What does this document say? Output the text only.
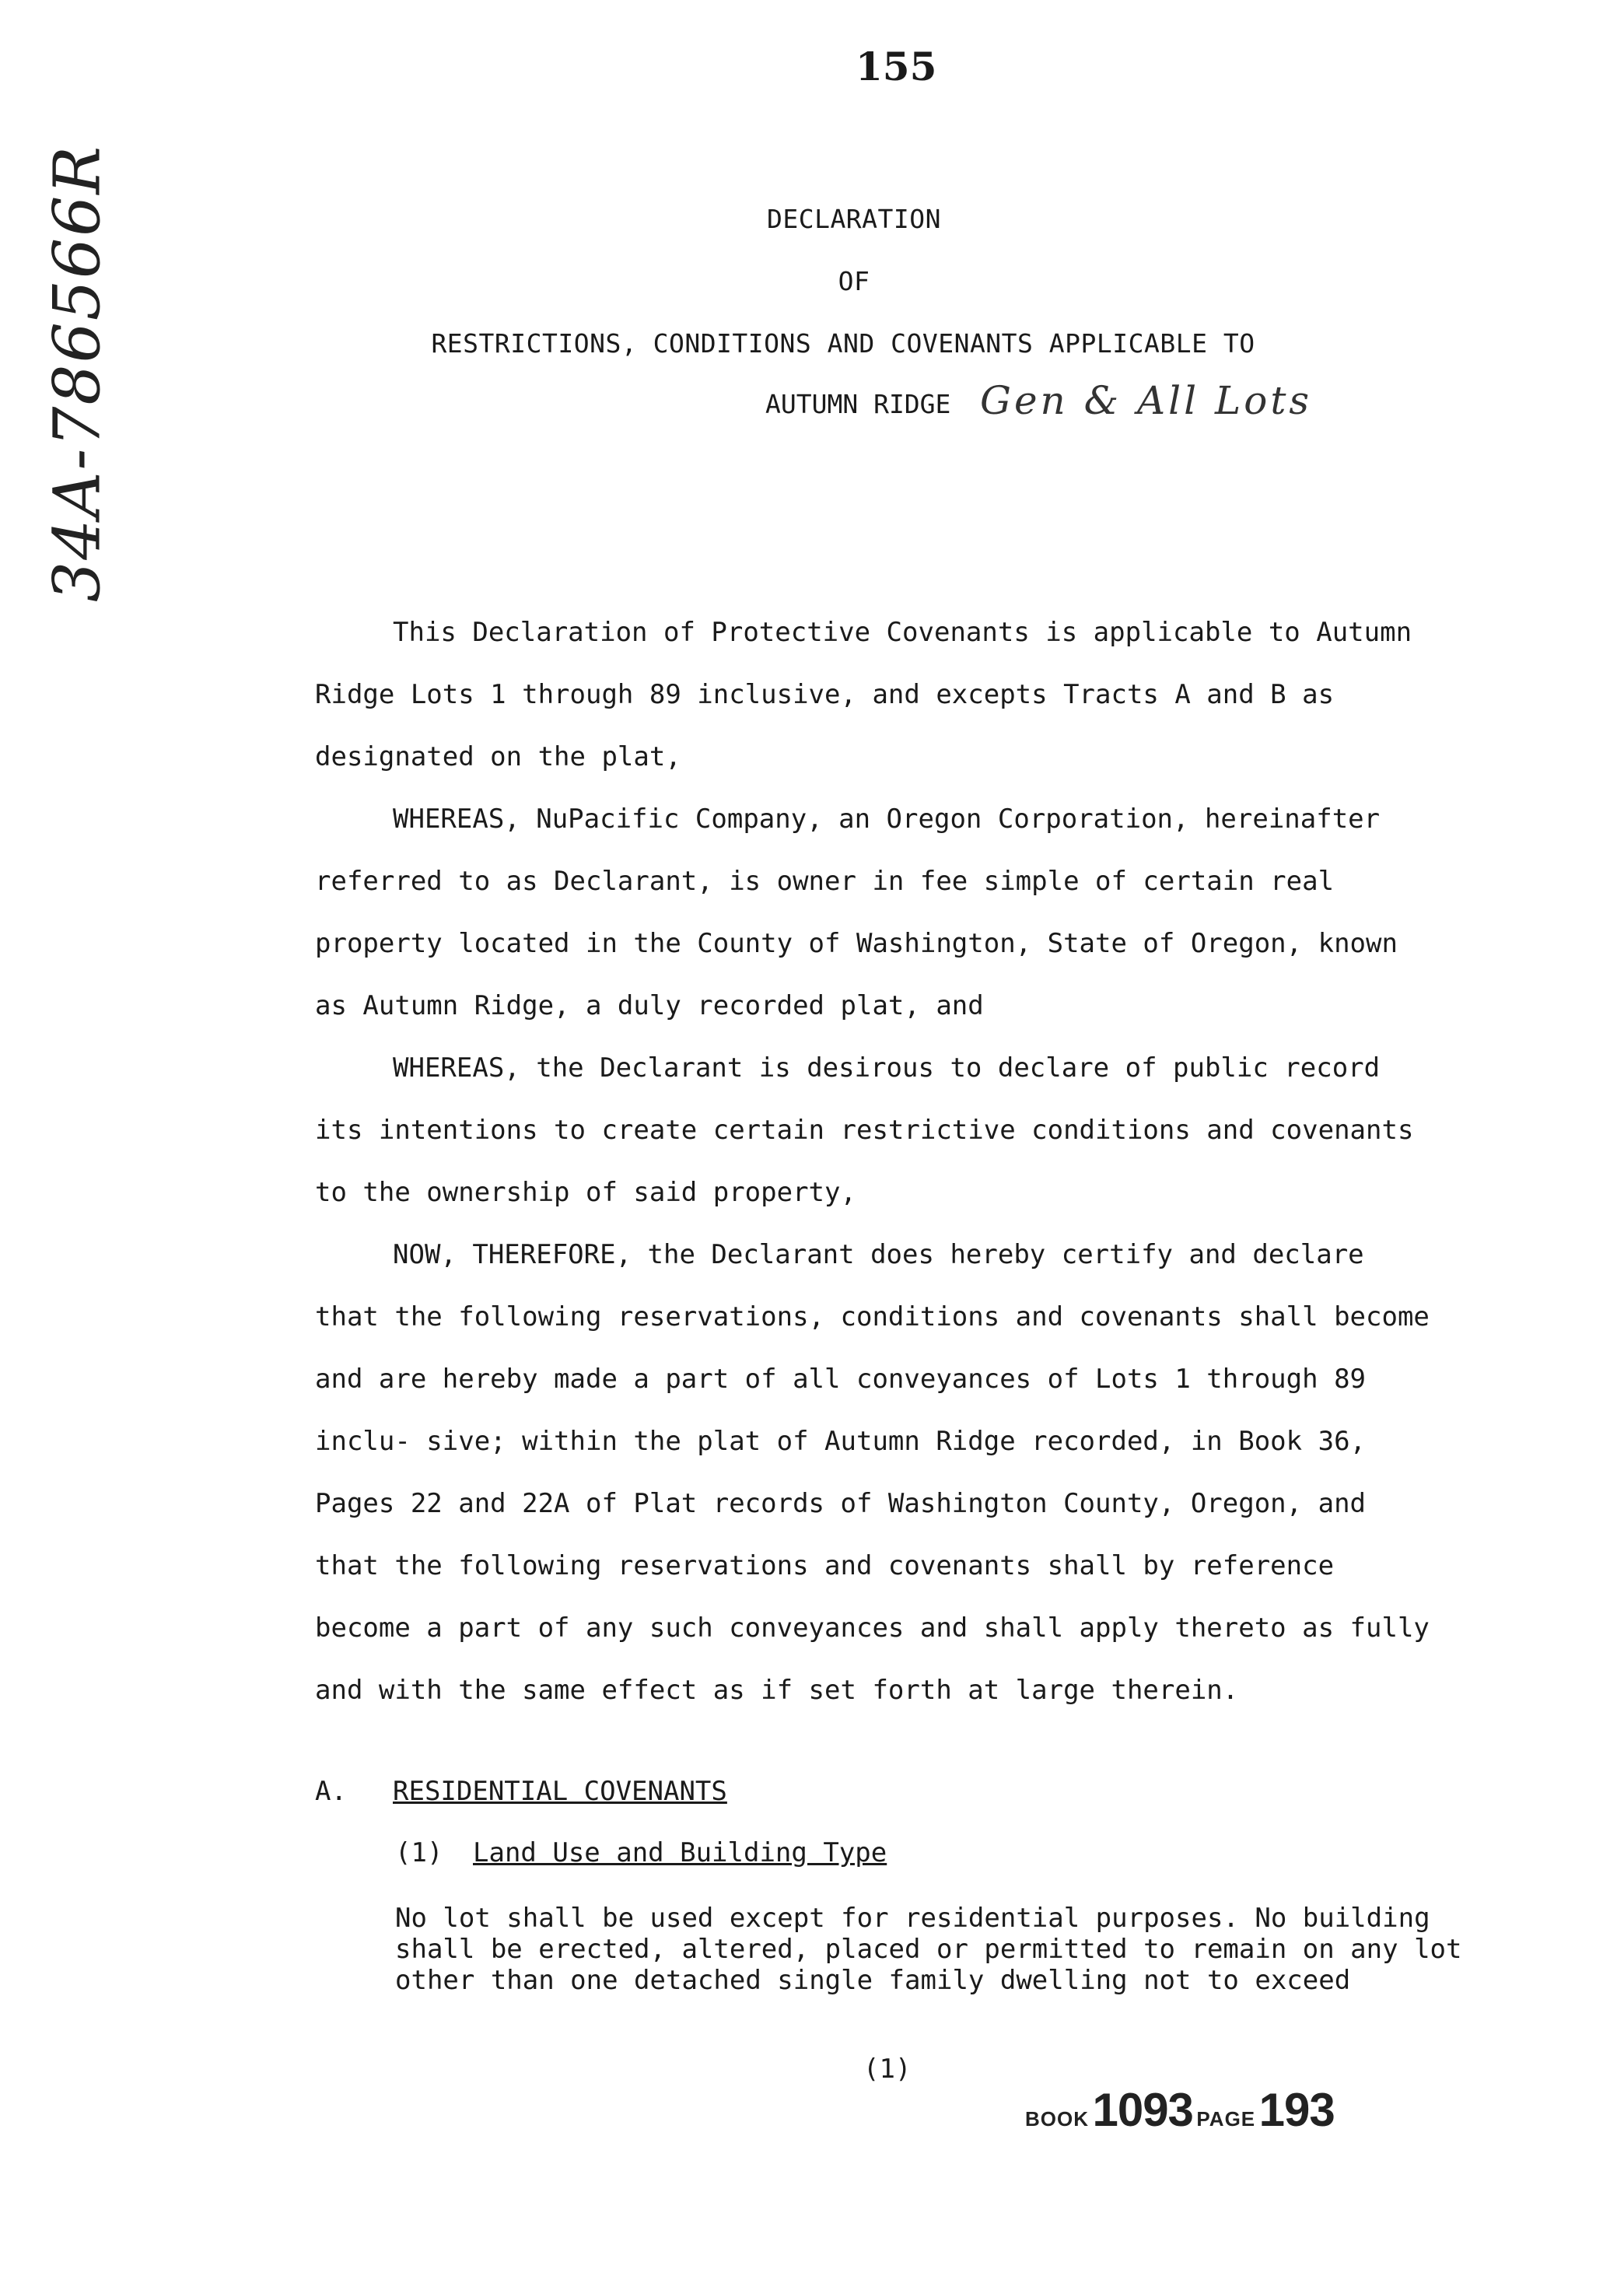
155
34A-786566R	DECLARATION
OF
RESTRICTIONS, CONDITIONS AND COVENANTS APPLICABLE TO
AUTUMN RIDGE Gen & All Lots

This Declaration of Protective Covenants is applicable to Autumn Ridge Lots 1 through 89 inclusive, and excepts Tracts A and B as designated on the plat,

WHEREAS, NuPacific Company, an Oregon Corporation, hereinafter referred to as Declarant, is owner in fee simple of certain real property located in the County of Washington, State of Oregon, known as Autumn Ridge, a duly recorded plat, and

WHEREAS, the Declarant is desirous to declare of public record its intentions to create certain restrictive conditions and covenants to the ownership of said property,

NOW, THEREFORE, the Declarant does hereby certify and declare that the following reservations, conditions and covenants shall become and are hereby made a part of all conveyances of Lots 1 through 89 inclu- sive; within the plat of Autumn Ridge recorded, in Book 36, Pages 22 and 22A of Plat records of Washington County, Oregon, and that the following reservations and covenants shall by reference become a part of any such conveyances and shall apply thereto as fully and with the same effect as if set forth at large therein.

A. RESIDENTIAL COVENANTS
(1) Land Use and Building Type
No lot shall be used except for residential purposes. No building shall be erected, altered, placed or permitted to remain on any lot other than one detached single family dwelling not to exceed
(1)
BOOK 1093 PAGE 193
